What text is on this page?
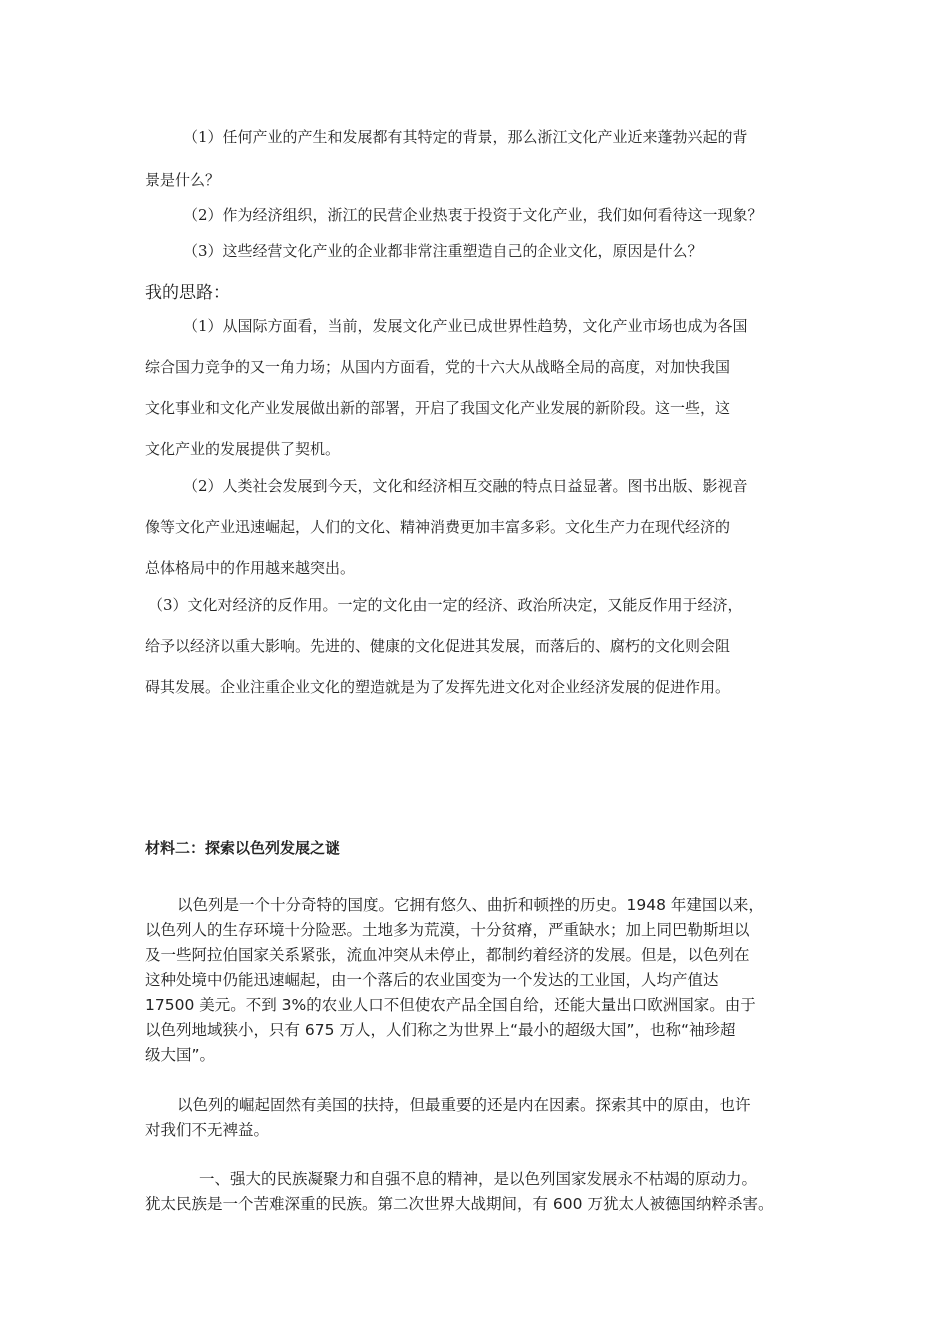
（1）任何产业的产生和发展都有其特定的背景，那么浙江文化产业近来蓬勃兴起的背
景是什么？
（2）作为经济组织，浙江的民营企业热衷于投资于文化产业，我们如何看待这一现象？
（3）这些经营文化产业的企业都非常注重塑造自己的企业文化，原因是什么？
我的思路：
（1）从国际方面看，当前，发展文化产业已成世界性趋势，文化产业市场也成为各国
综合国力竞争的又一角力场；从国内方面看，党的十六大从战略全局的高度，对加快我国
文化事业和文化产业发展做出新的部署，开启了我国文化产业发展的新阶段。这一些，这
文化产业的发展提供了契机。
（2）人类社会发展到今天，文化和经济相互交融的特点日益显著。图书出版、影视音
像等文化产业迅速崛起，人们的文化、精神消费更加丰富多彩。文化生产力在现代经济的
总体格局中的作用越来越突出。
（3）文化对经济的反作用。一定的文化由一定的经济、政治所决定，又能反作用于经济，
给予以经济以重大影响。先进的、健康的文化促进其发展，而落后的、腐朽的文化则会阻
碍其发展。企业注重企业文化的塑造就是为了发挥先进文化对企业经济发展的促进作用。
材料二：探索以色列发展之谜
以色列是一个十分奇特的国度。它拥有悠久、曲折和顿挫的历史。1948 年建国以来，
以色列人的生存环境十分险恶。土地多为荒漠，十分贫瘠，严重缺水；加上同巴勒斯坦以
及一些阿拉伯国家关系紧张，流血冲突从未停止，都制约着经济的发展。但是，以色列在
这种处境中仍能迅速崛起，由一个落后的农业国变为一个发达的工业国，人均产值达
17500 美元。不到 3%的农业人口不但使农产品全国自给，还能大量出口欧洲国家。由于
以色列地域狭小，只有 675 万人，人们称之为世界上“最小的超级大国”，也称“袖珍超
级大国”。
以色列的崛起固然有美国的扶持，但最重要的还是内在因素。探索其中的原由，也许
对我们不无裨益。
一、强大的民族凝聚力和自强不息的精神，是以色列国家发展永不枯竭的原动力。
犹太民族是一个苦难深重的民族。第二次世界大战期间，有 600 万犹太人被德国纳粹杀害。
